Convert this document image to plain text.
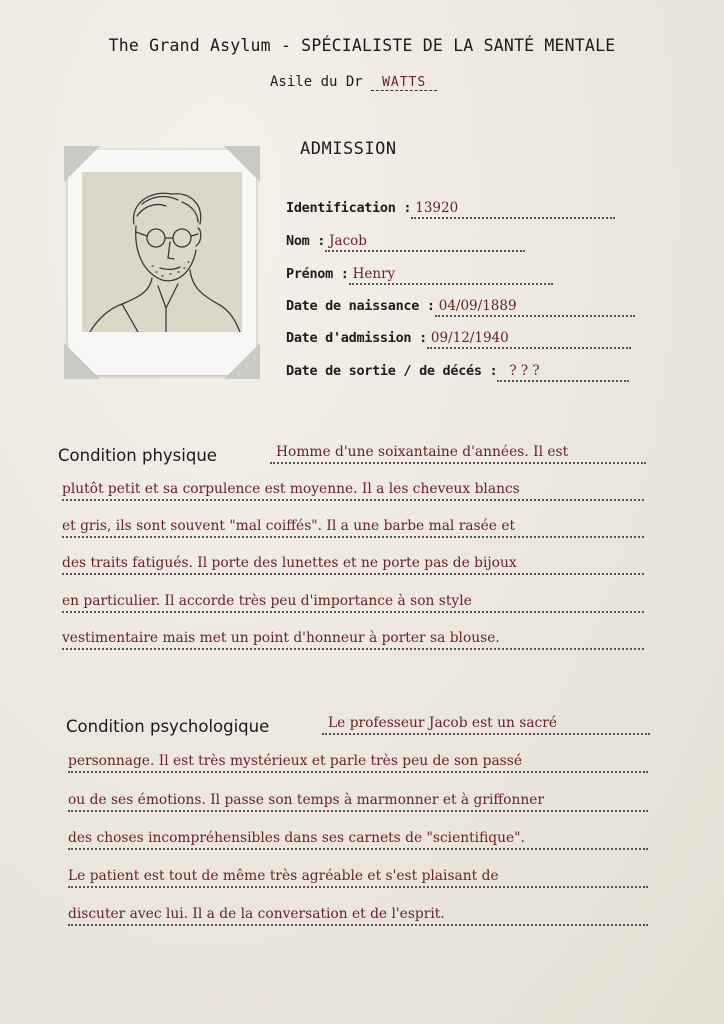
The Grand Asylum - SPÉCIALISTE DE LA SANTÉ MENTALE
Asile du Dr WATTS
ADMISSION
Identification : 13920
Nom : Jacob
Prénom : Henry
Date de naissance : 04/09/1889
Date d'admission : 09/12/1940
Date de sortie / de décés : ? ? ?
Condition physique	Homme d'une soixantaine d'années. Il est
plutôt petit et sa corpulence est moyenne. Il a les cheveux blancs
et gris, ils sont souvent "mal coiffés". Il a une barbe mal rasée et
des traits fatigués. Il porte des lunettes et ne porte pas de bijoux
en particulier. Il accorde très peu d'importance à son style
vestimentaire mais met un point d'honneur à porter sa blouse.
Condition psychologique	Le professeur Jacob est un sacré
personnage. Il est très mystérieux et parle très peu de son passé
ou de ses émotions. Il passe son temps à marmonner et à griffonner
des choses incompréhensibles dans ses carnets de "scientifique".
Le patient est tout de même très agréable et s'est plaisant de
discuter avec lui. Il a de la conversation et de l'esprit.
